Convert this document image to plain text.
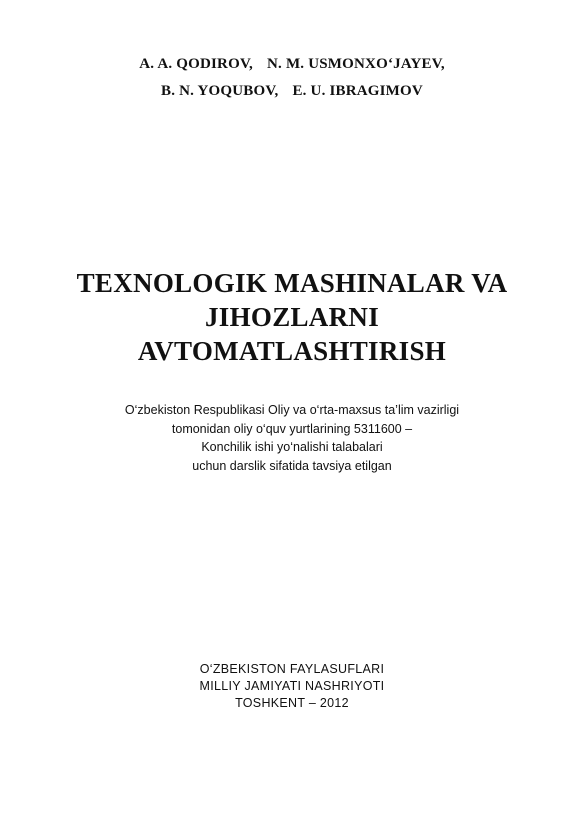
A. A. QODIROV, N. M. USMONXO‘JAYEV,
B. N. YOQUBOV, E. U. IBRAGIMOV
TEXNOLOGIK MASHINALAR VA
JIHOZLARNI
AVTOMATLASHTIRISH
O‘zbekiston Respublikasi Oliy va o‘rta-maxsus ta’lim vazirligi
tomonidan oliy o‘quv yurtlarining 5311600 –
Konchilik ishi yo‘nalishi talabalari
uchun darslik sifatida tavsiya etilgan
O‘ZBEKISTON FAYLASUFLARI
MILLIY JAMIYATI NASHRIYOTI
TOSHKENT – 2012
